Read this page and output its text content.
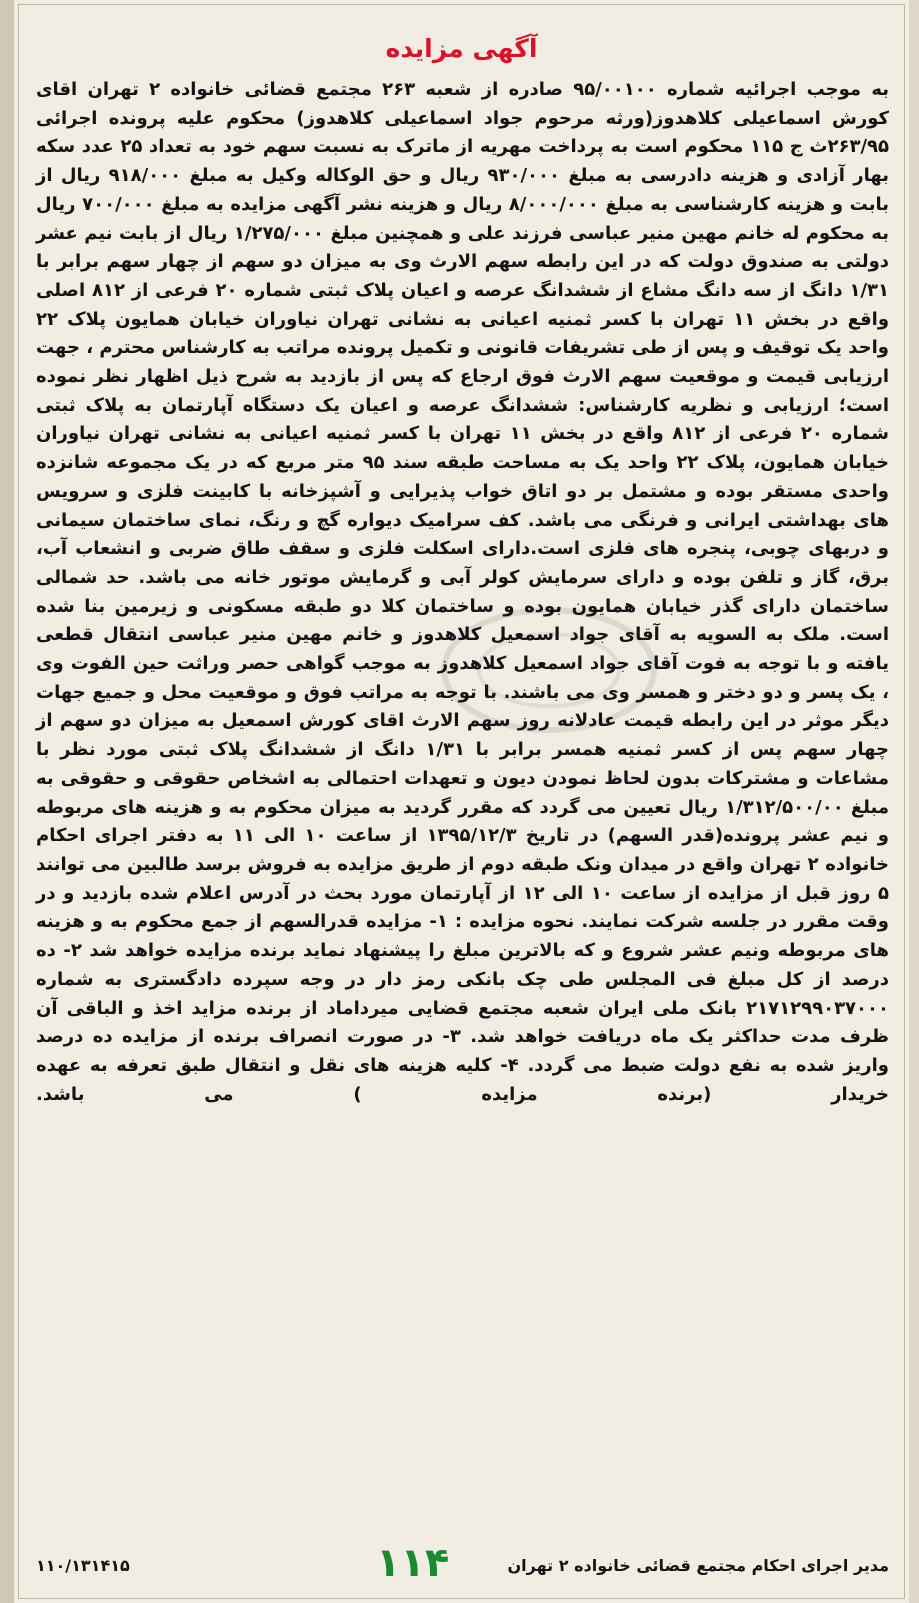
آگهی مزایده

به موجب اجرائیه شماره ۹۵/۰۰۱۰۰ صادره از شعبه ۲۶۳ مجتمع قضائی خانواده ۲ تهران اقای کورش اسماعیلی کلاهدوز(ورثه مرحوم جواد اسماعیلی کلاهدوز) محکوم علیه پرونده اجرائی ۲۶۳/۹۵ث ج ۱۱۵ محکوم است به پرداخت مهریه از ماترک به نسبت سهم خود به تعداد ۲۵ عدد سکه بهار آزادی و هزینه دادرسی به مبلغ ۹۳۰/۰۰۰ ریال و حق الوکاله وکیل به مبلغ ۹۱۸/۰۰۰ ریال از بابت و هزینه کارشناسی به مبلغ ۸/۰۰۰/۰۰۰ ریال و هزینه نشر آگهی مزایده به مبلغ ۷۰۰/۰۰۰ ریال به محکوم له خانم مهین منیر عباسی فرزند علی و همچنین مبلغ ۱/۲۷۵/۰۰۰ ریال از بابت نیم عشر دولتی به صندوق دولت که در این رابطه سهم الارث وی به میزان دو سهم از چهار سهم برابر با ۱/۳۱ دانگ از سه دانگ مشاع از ششدانگ عرصه و اعیان پلاک ثبتی شماره ۲۰ فرعی از ۸۱۲ اصلی واقع در بخش ۱۱ تهران با کسر ثمنیه اعیانی به نشانی تهران نیاوران خیابان همایون پلاک ۲۲ واحد یک توقیف و پس از طی تشریفات قانونی و تکمیل پرونده مراتب به کارشناس محترم ، جهت ارزیابی قیمت و موقعیت سهم الارث فوق ارجاع که پس از بازدید به شرح ذیل اظهار نظر نموده است؛ ارزیابی و نظریه کارشناس: ششدانگ عرصه و اعیان یک دستگاه آپارتمان به پلاک ثبتی شماره ۲۰ فرعی از ۸۱۲ واقع در بخش ۱۱ تهران با کسر ثمنیه اعیانی به نشانی تهران نیاوران خیابان همایون، پلاک ۲۲ واحد یک به مساحت طبقه سند ۹۵ متر مربع که در یک مجموعه شانزده واحدی مستقر بوده و مشتمل بر دو اتاق خواب پذیرایی و آشپزخانه با کابینت فلزی و سرویس های بهداشتی ایرانی و فرنگی می باشد. کف سرامیک دیواره گچ و رنگ، نمای ساختمان سیمانی و دربهای چوبی، پنجره های فلزی است.دارای اسکلت فلزی و سقف طاق ضربی و انشعاب آب، برق، گاز و تلفن بوده و دارای سرمایش کولر آبی و گرمایش موتور خانه می باشد. حد شمالی ساختمان دارای گذر خیابان همایون بوده و ساختمان کلا دو طبقه مسکونی و زیرمین بنا شده است. ملک به السویه به آقای جواد اسمعیل کلاهدوز و خانم مهین منیر عباسی انتقال قطعی یافته و با توجه به فوت آقای جواد اسمعیل کلاهدوز به موجب گواهی حصر وراثت حین الفوت وی ، یک پسر و دو دختر و همسر وی می باشند. با توجه به مراتب فوق و موقعیت محل و جمیع جهات دیگر موثر در این رابطه قیمت عادلانه روز سهم الارث اقای کورش اسمعیل به میزان دو سهم از چهار سهم پس از کسر ثمنیه همسر برابر با ۱/۳۱ دانگ از ششدانگ پلاک ثبتی مورد نظر با مشاعات و مشترکات بدون لحاظ نمودن دیون و تعهدات احتمالی به اشخاص حقوقی و حقوقی به مبلغ ۱/۳۱۲/۵۰۰/۰۰ ریال تعیین می گردد که مقرر گردید به میزان محکوم به و هزینه های مربوطه و نیم عشر پرونده(قدر السهم) در تاریخ ۱۳۹۵/۱۲/۳ از ساعت ۱۰ الی ۱۱ به دفتر اجرای احکام خانواده ۲ تهران واقع در میدان ونک طبقه دوم از طریق مزایده به فروش برسد طالبین می توانند ۵ روز قبل از مزایده از ساعت ۱۰ الی ۱۲ از آپارتمان مورد بحث در آدرس اعلام شده بازدید و در وقت مقرر در جلسه شرکت نمایند. نحوه مزایده : ۱- مزایده قدرالسهم از جمع محکوم به و هزینه های مربوطه ونیم عشر شروع و که بالاترین مبلغ را پیشنهاد نماید برنده مزایده خواهد شد ۲- ده درصد از کل مبلغ فی المجلس طی چک بانکی رمز دار در وجه سپرده دادگستری به شماره ۲۱۷۱۲۹۹۰۳۷۰۰۰ بانک ملی ایران شعبه مجتمع قضایی میرداماد از برنده مزاید اخذ و الباقی آن ظرف مدت حداکثر یک ماه دریافت خواهد شد. ۳- در صورت انصراف برنده از مزایده ده درصد واریز شده به نفع دولت ضبط می گردد. ۴- کلیه هزینه های نقل و انتقال طبق تعرفه به عهده خریدار (برنده مزایده ) می باشد.

مدیر اجرای احکام مجتمع قضائی خانواده ۲ تهران
۱۱۴
۱۱۰/۱۳۱۴۱۵
